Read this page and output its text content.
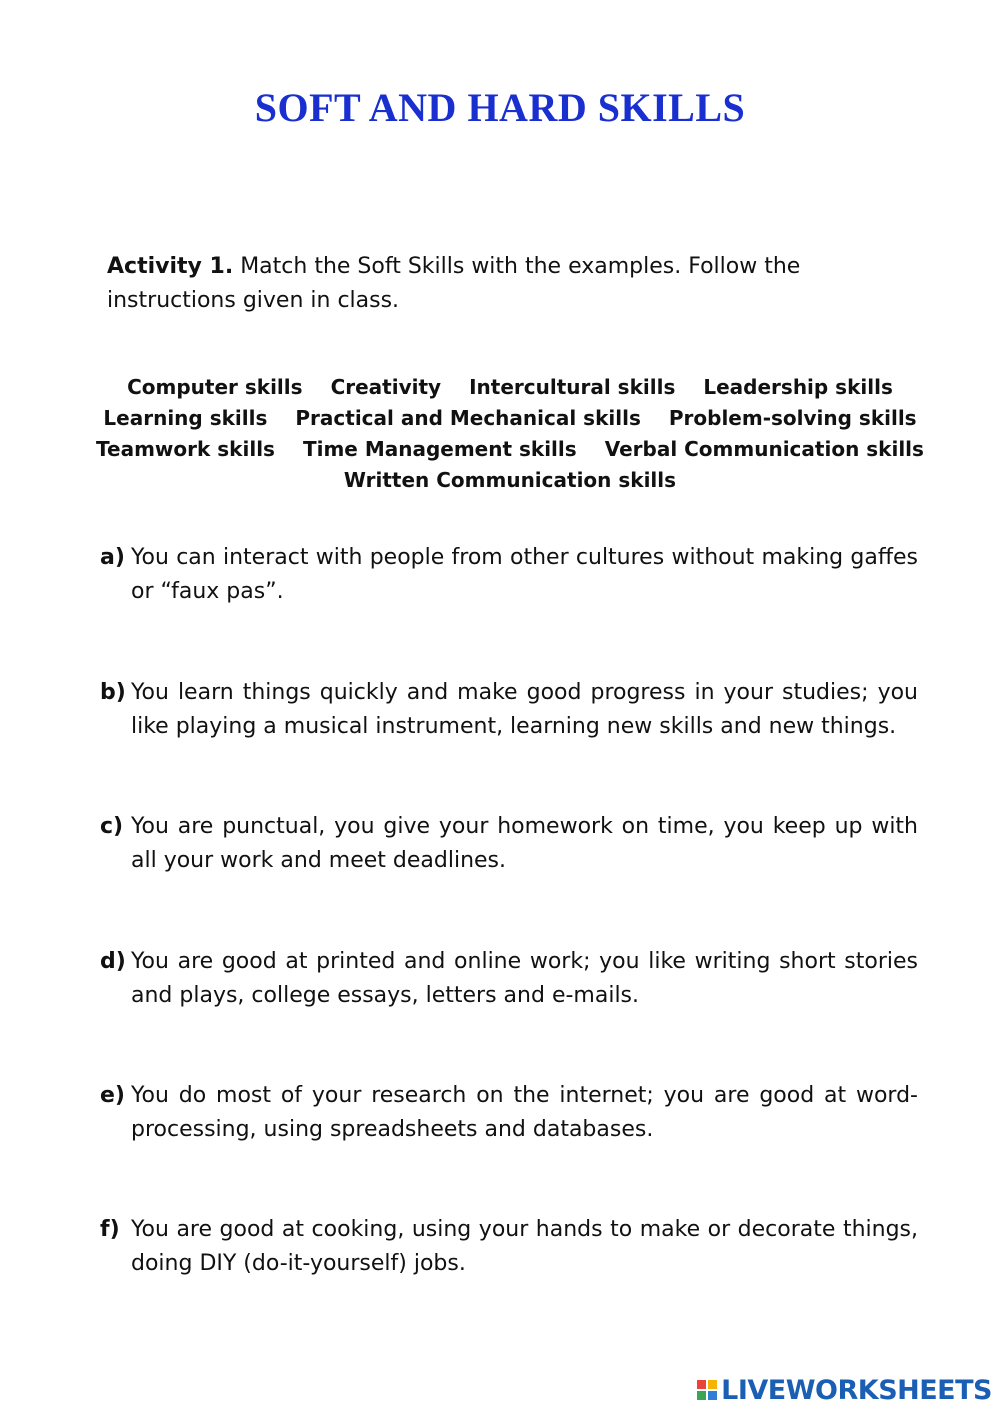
SOFT AND HARD SKILLS

Activity 1. Match the Soft Skills with the examples. Follow the instructions given in class.

Computer skills Creativity Intercultural skills Leadership skills
Learning skills Practical and Mechanical skills Problem-solving skills
Teamwork skills Time Management skills Verbal Communication skills
Written Communication skills
a) You can interact with people from other cultures without making gaffes or “faux pas”.
b) You learn things quickly and make good progress in your studies; you like playing a musical instrument, learning new skills and new things.
c) You are punctual, you give your homework on time, you keep up with all your work and meet deadlines.
d) You are good at printed and online work; you like writing short stories and plays, college essays, letters and e-mails.
e) You do most of your research on the internet; you are good at word-processing, using spreadsheets and databases.
f) You are good at cooking, using your hands to make or decorate things, doing DIY (do-it-yourself) jobs.
LIVEWORKSHEETS
